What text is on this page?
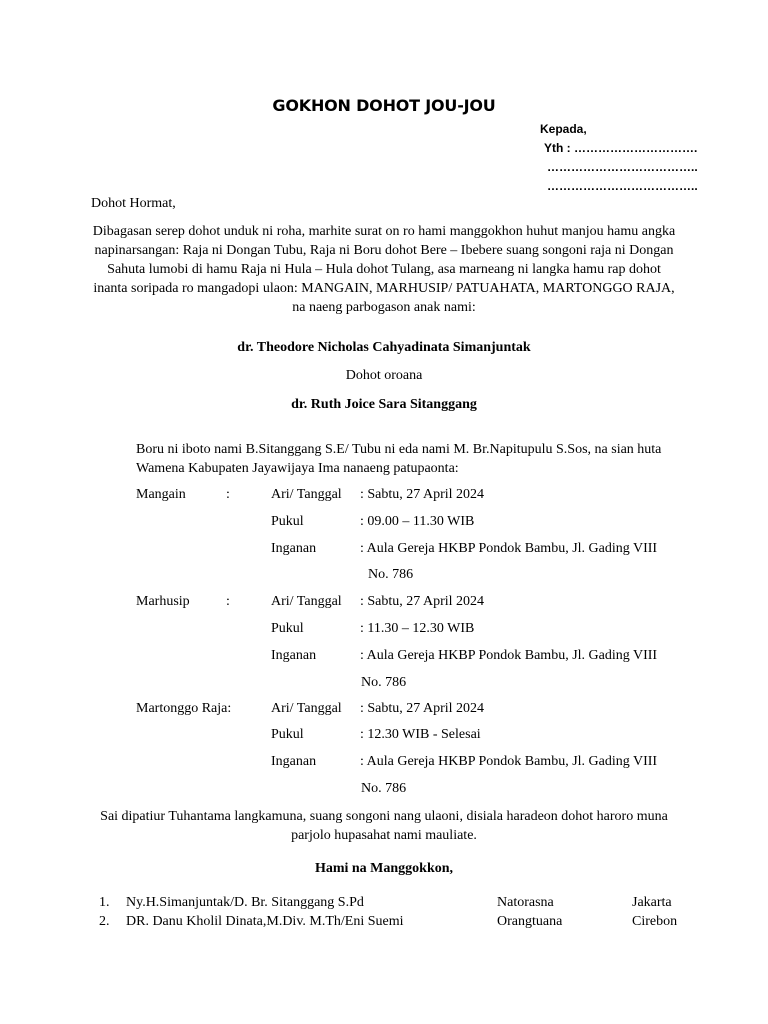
GOKHON DOHOT JOU-JOU
Kepada,
Yth : ………………………….
………………………………..
………………………………..
Dohot Hormat,
Dibagasan serep dohot unduk ni roha, marhite surat on ro hami manggokhon huhut manjou hamu angka napinarsangan: Raja ni Dongan Tubu, Raja ni Boru dohot Bere – Ibebere suang songoni raja ni Dongan Sahuta lumobi di hamu Raja ni Hula – Hula dohot Tulang, asa marneang ni langka hamu rap dohot inanta soripada ro mangadopi ulaon: MANGAIN, MARHUSIP/ PATUAHATA, MARTONGGO RAJA, na naeng parbogason anak nami:
dr. Theodore Nicholas Cahyadinata Simanjuntak
Dohot oroana
dr. Ruth Joice Sara Sitanggang
Boru ni iboto nami B.Sitanggang S.E/ Tubu ni eda nami M. Br.Napitupulu S.Sos, na sian huta Wamena Kabupaten Jayawijaya Ima nanaeng patupaonta:
Mangain	:	Ari/ Tanggal : Sabtu, 27 April 2024
Pukul	: 09.00 – 11.30 WIB
Inganan	: Aula Gereja HKBP Pondok Bambu, Jl. Gading VIII
No. 786
Marhusip	:	Ari/ Tanggal : Sabtu, 27 April 2024
Pukul	: 11.30 – 12.30 WIB
Inganan	: Aula Gereja HKBP Pondok Bambu, Jl. Gading VIII
No. 786
Martonggo Raja:	Ari/ Tanggal : Sabtu, 27 April 2024
Pukul	: 12.30 WIB - Selesai
Inganan	: Aula Gereja HKBP Pondok Bambu, Jl. Gading VIII
No. 786
Sai dipatiur Tuhantama langkamuna, suang songoni nang ulaoni, disiala haradeon dohot haroro muna parjolo hupasahat nami mauliate.
Hami na Manggokkon,
1. Ny.H.Simanjuntak/D. Br. Sitanggang S.Pd	Natorasna	Jakarta
2. DR. Danu Kholil Dinata,M.Div. M.Th/Eni Suemi	Orangtuana	Cirebon
